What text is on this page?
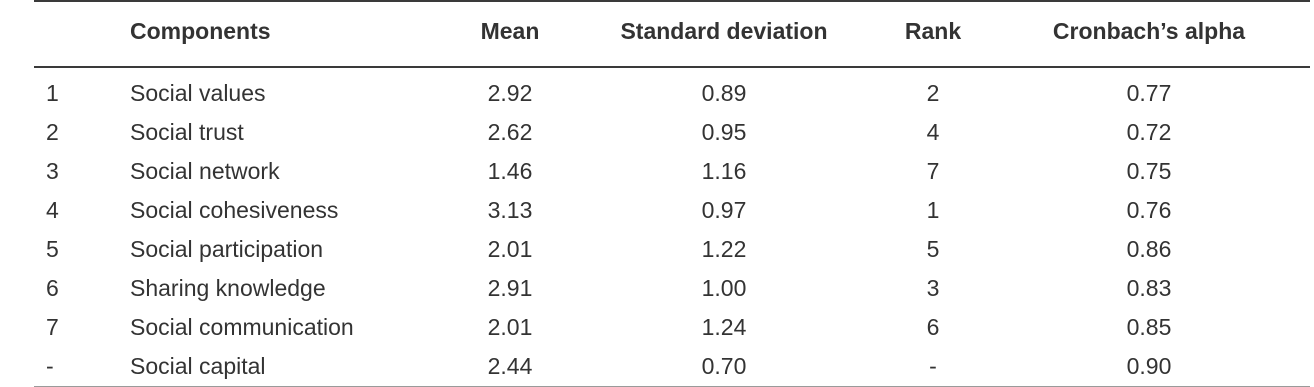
	Components	Mean	Standard deviation	Rank	Cronbach’s alpha
1	Social values	2.92	0.89	2	0.77
2	Social trust	2.62	0.95	4	0.72
3	Social network	1.46	1.16	7	0.75
4	Social cohesiveness	3.13	0.97	1	0.76
5	Social participation	2.01	1.22	5	0.86
6	Sharing knowledge	2.91	1.00	3	0.83
7	Social communication	2.01	1.24	6	0.85
-	Social capital	2.44	0.70	-	0.90
